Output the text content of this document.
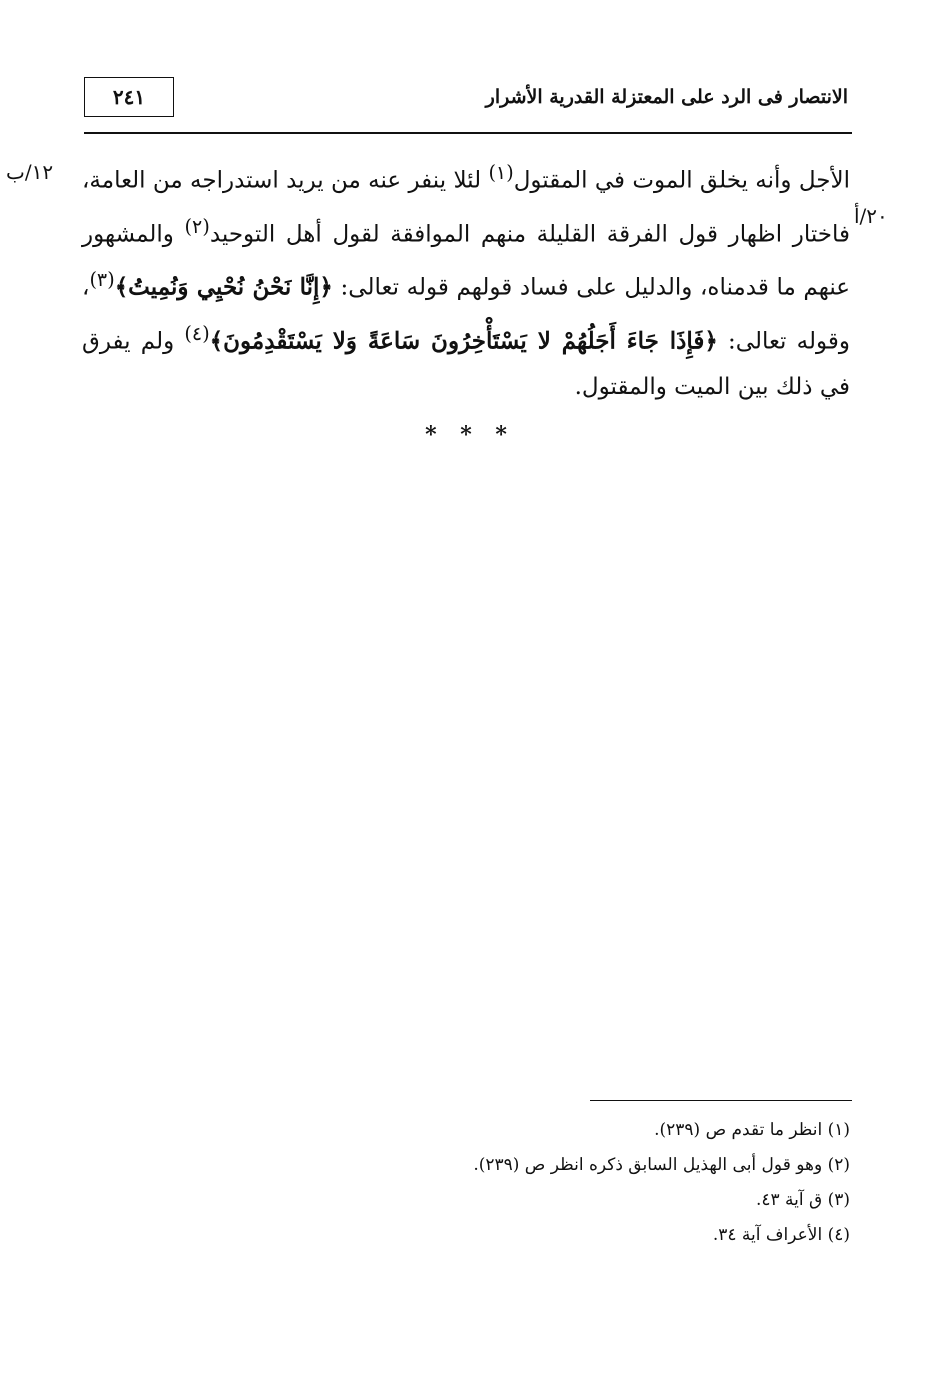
٢٤١	الانتصار فى الرد على المعتزلة القدرية الأشرار
١٢/ب
٢٠/أ

الأجل وأنه يخلق الموت في المقتول$^{(١)}$ لئلا ينفر عنه من يريد استدراجه من العامة، فاختار اظهار قول الفرقة القليلة منهم الموافقة لقول أهل التوحيد$^{(٢)}$ والمشهور عنهم ما قدمناه، والدليل على فساد قولهم قوله تعالى: ﴿إِنَّا نَحْنُ نُحْيِي وَنُمِيتُ﴾$^{(٣)}$، وقوله تعالى: ﴿فَإِذَا جَاءَ أَجَلُهُمْ لا يَسْتَأْخِرُونَ سَاعَةً وَلا يَسْتَقْدِمُونَ﴾$^{(٤)}$ ولم يفرق في ذلك بين الميت والمقتول.

* * *
(١) انظر ما تقدم ص (٢٣٩).
(٢) وهو قول أبى الهذيل السابق ذكره انظر ص (٢٣٩).
(٣) ق آية ٤٣.
(٤) الأعراف آية ٣٤.
